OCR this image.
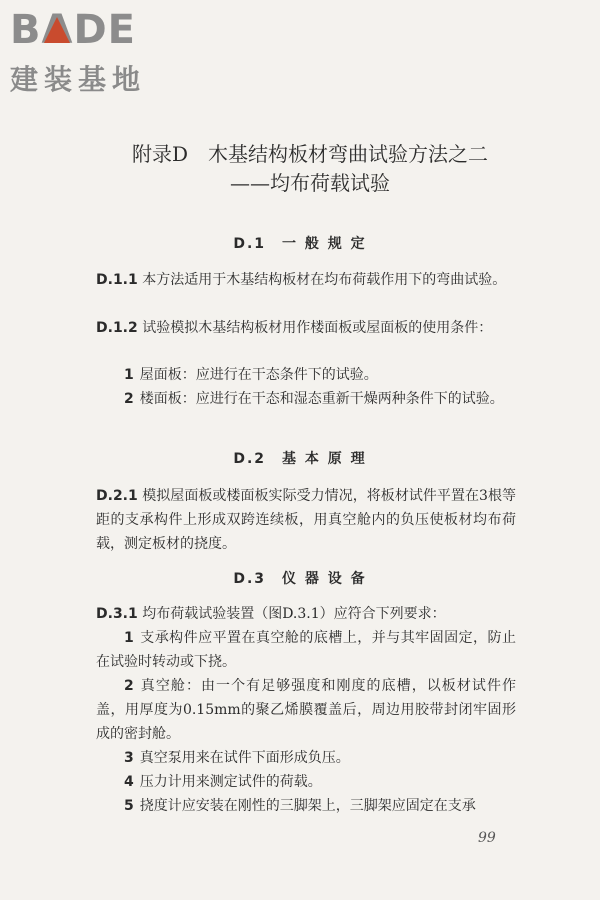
BADE
建装基地
附录D　木基结构板材弯曲试验方法之二
——均布荷载试验
D.1　一 般 规 定
D.1.1 本方法适用于木基结构板材在均布荷载作用下的弯曲试验。
D.1.2 试验模拟木基结构板材用作楼面板或屋面板的使用条件：
1 屋面板：应进行在干态条件下的试验。
2 楼面板：应进行在干态和湿态重新干燥两种条件下的试验。
D.2　基 本 原 理
D.2.1 模拟屋面板或楼面板实际受力情况，将板材试件平置在3根等距的支承构件上形成双跨连续板，用真空舱内的负压使板材均布荷载，测定板材的挠度。
D.3　仪 器 设 备
D.3.1 均布荷载试验装置（图D.3.1）应符合下列要求：
1 支承构件应平置在真空舱的底槽上，并与其牢固固定，防止在试验时转动或下挠。
2 真空舱：由一个有足够强度和刚度的底槽，以板材试件作盖，用厚度为0.15mm的聚乙烯膜覆盖后，周边用胶带封闭牢固形成的密封舱。
3 真空泵用来在试件下面形成负压。
4 压力计用来测定试件的荷载。
5 挠度计应安装在刚性的三脚架上，三脚架应固定在支承
99
